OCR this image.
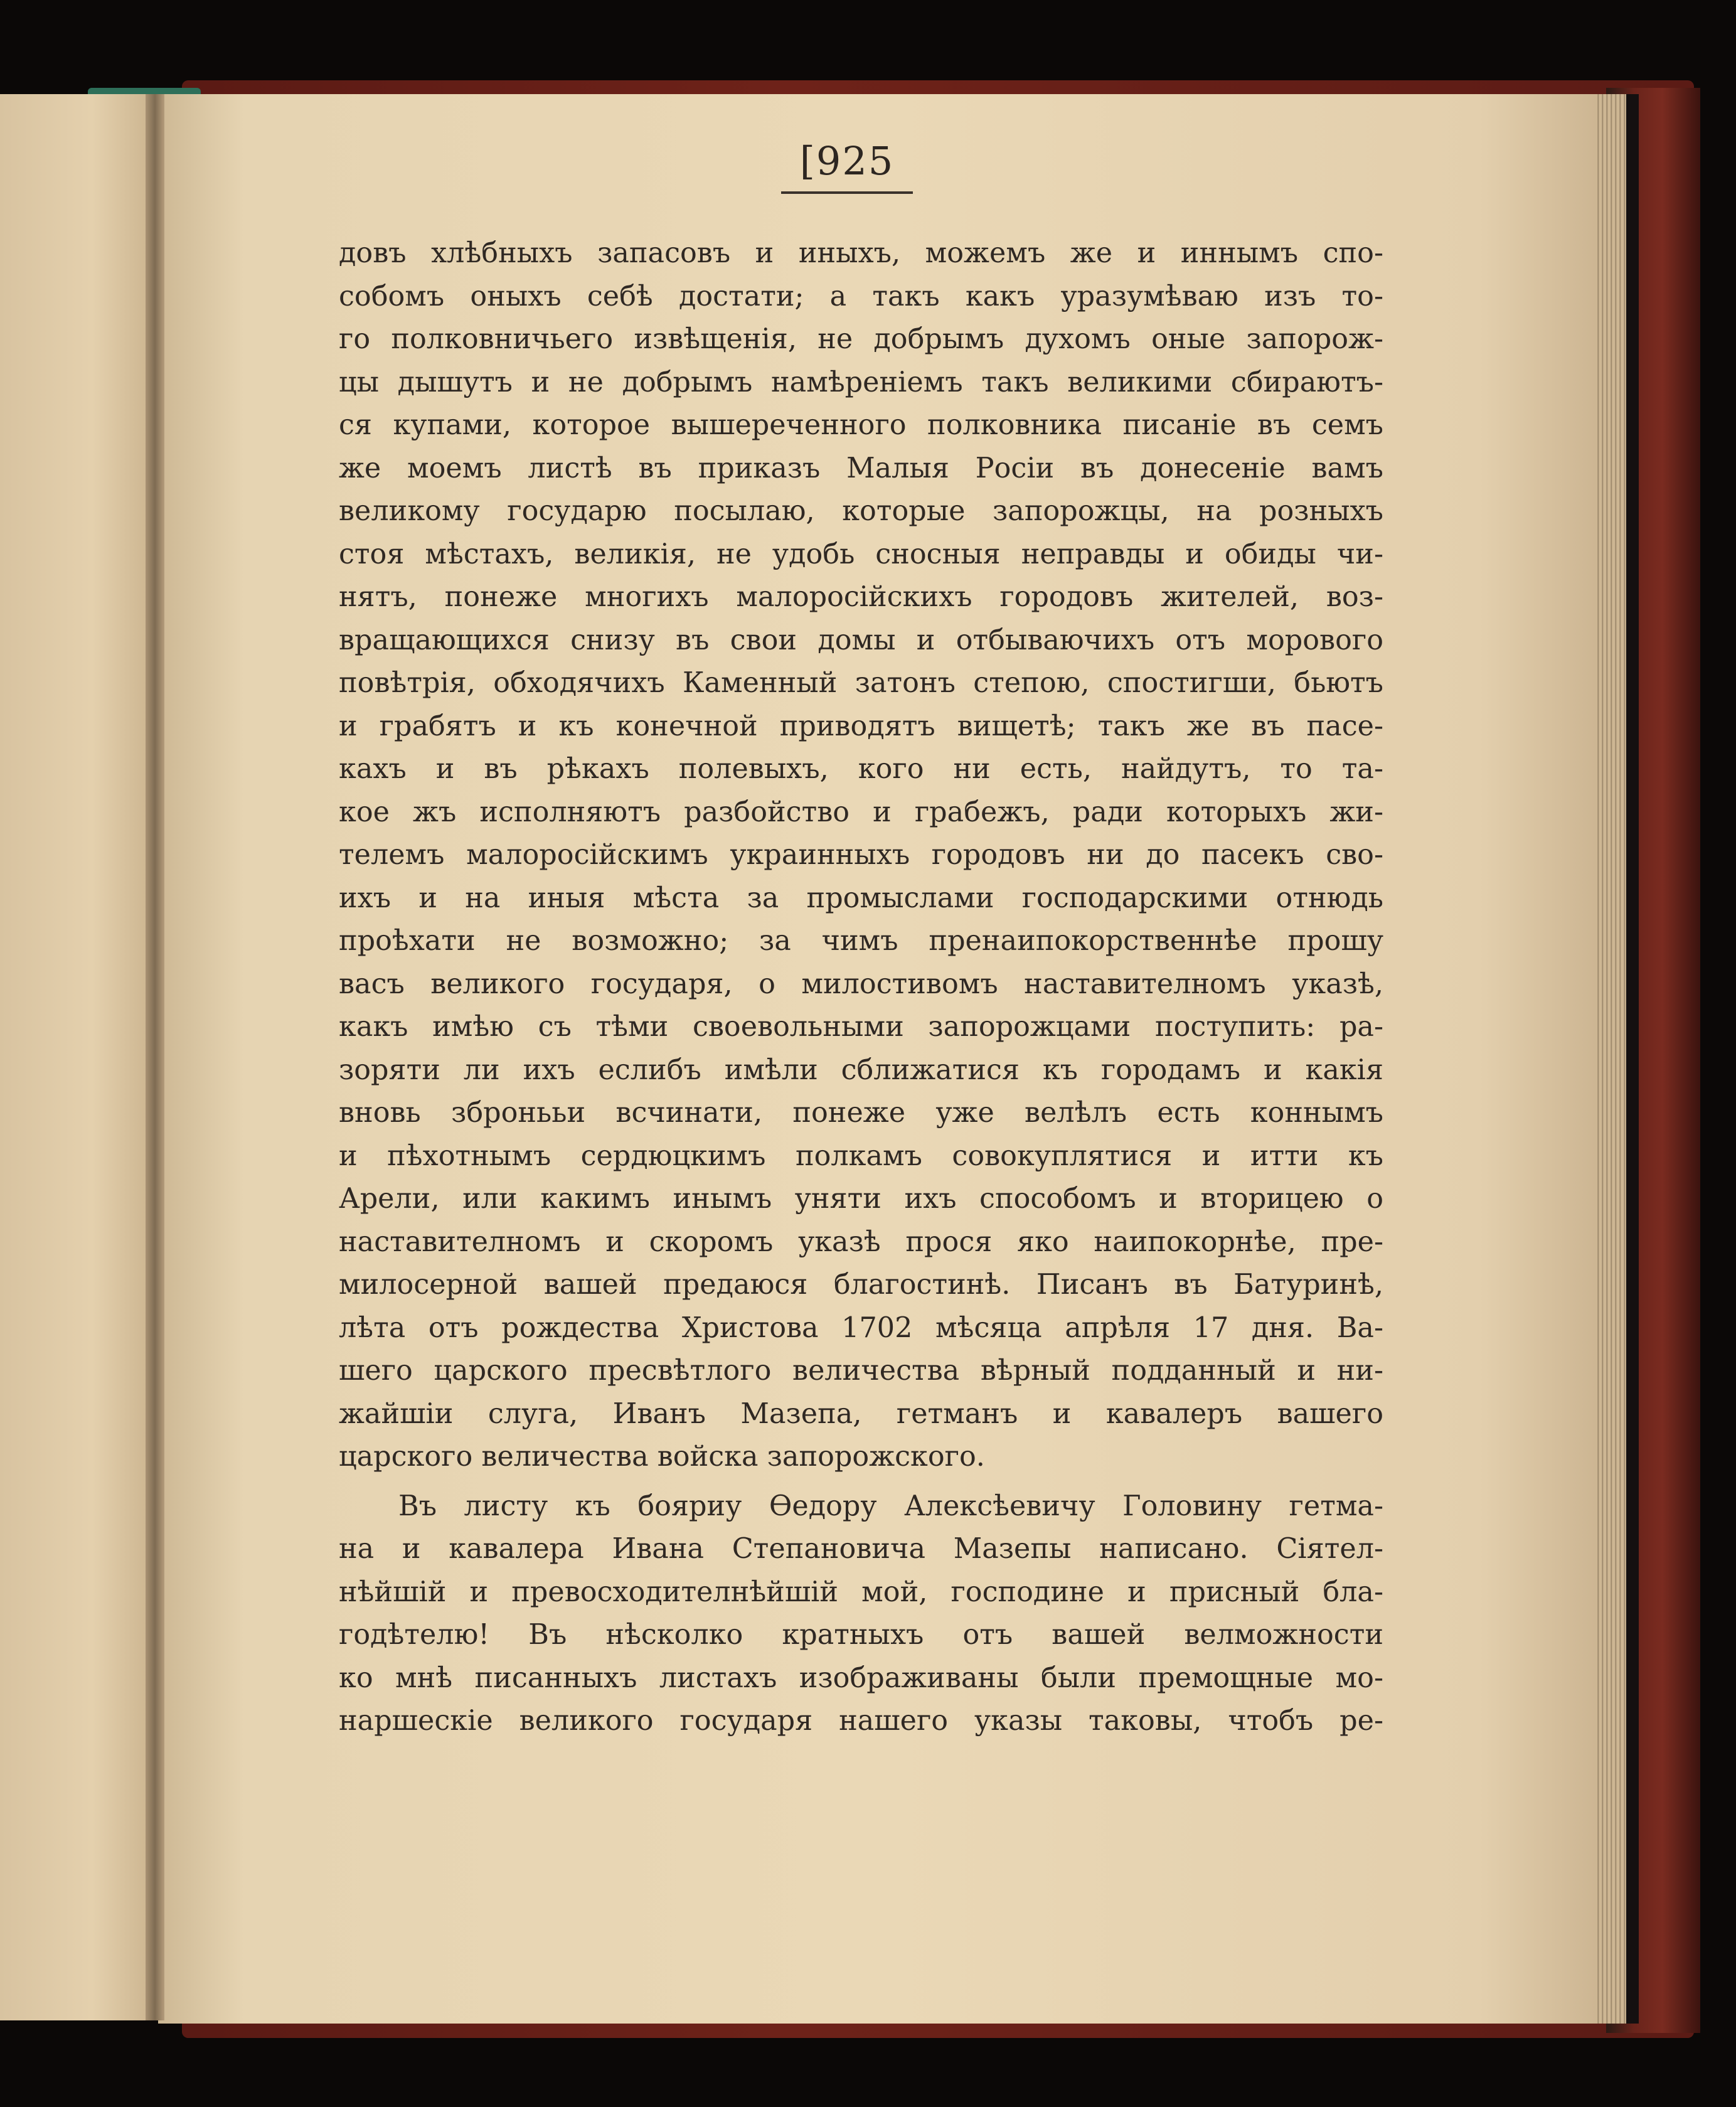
[925
довъ хлѣбныхъ запасовъ и иныхъ, можемъ же и иннымъ спо-
собомъ оныхъ себѣ достати; а такъ какъ уразумѣваю изъ то-
го полковничьего извѣщенія, не добрымъ духомъ оные запорож-
цы дышутъ и не добрымъ намѣреніемъ такъ великими сбираютъ-
ся купами, которое вышереченного полковника писаніе въ семъ
же моемъ листѣ въ приказъ Малыя Росіи въ донесеніе вамъ
великому государю посылаю, которые запорожцы, на розныхъ
стоя мѣстахъ, великія, не удобь сносныя неправды и обиды чи-
нятъ, понеже многихъ малоросійскихъ городовъ жителей, воз-
вращающихся снизу въ свои домы и отбываючихъ отъ морового
повѣтрія, обходячихъ Каменный затонъ степою, спостигши, бьютъ
и грабятъ и къ конечной приводятъ вищетѣ; такъ же въ пасе-
кахъ и въ рѣкахъ полевыхъ, кого ни есть, найдутъ, то та-
кое жъ исполняютъ разбойство и грабежъ, ради которыхъ жи-
телемъ малоросійскимъ украинныхъ городовъ ни до пасекъ сво-
ихъ и на иныя мѣста за промыслами господарскими отнюдь
проѣхати не возможно; за чимъ пренаипокорственнѣе прошу
васъ великого государя, о милостивомъ наставителномъ указѣ,
какъ имѣю съ тѣми своевольными запорожцами поступить: ра-
зоряти ли ихъ еслибъ имѣли сближатися къ городамъ и какія
вновь збронььи всчинати, понеже уже велѣлъ есть коннымъ
и пѣхотнымъ сердюцкимъ полкамъ совокуплятися и итти къ
Арели, или какимъ инымъ уняти ихъ способомъ и вторицею о
наставителномъ и скоромъ указѣ прося яко наипокорнѣе, пре-
милосерной вашей предаюся благостинѣ. Писанъ въ Батуринѣ,
лѣта отъ рождества Христова 1702 мѣсяца апрѣля 17 дня. Ва-
шего царского пресвѣтлого величества вѣрный подданный и ни-
жайшіи слуга, Иванъ Мазепа, гетманъ и кавалеръ вашего
царского величества войска запорожского.
Въ листу къ бояриу Ѳедору Алексѣевичу Головину гетма-
на и кавалера Ивана Степановича Мазепы написано. Сіятел-
нѣйшій и превосходителнѣйшій мой, господине и присный бла-
годѣтелю! Въ нѣсколко кратныхъ отъ вашей велможности
ко мнѣ писанныхъ листахъ изображиваны были премощные мо-
наршескіе великого государя нашего указы таковы, чтобъ ре-
